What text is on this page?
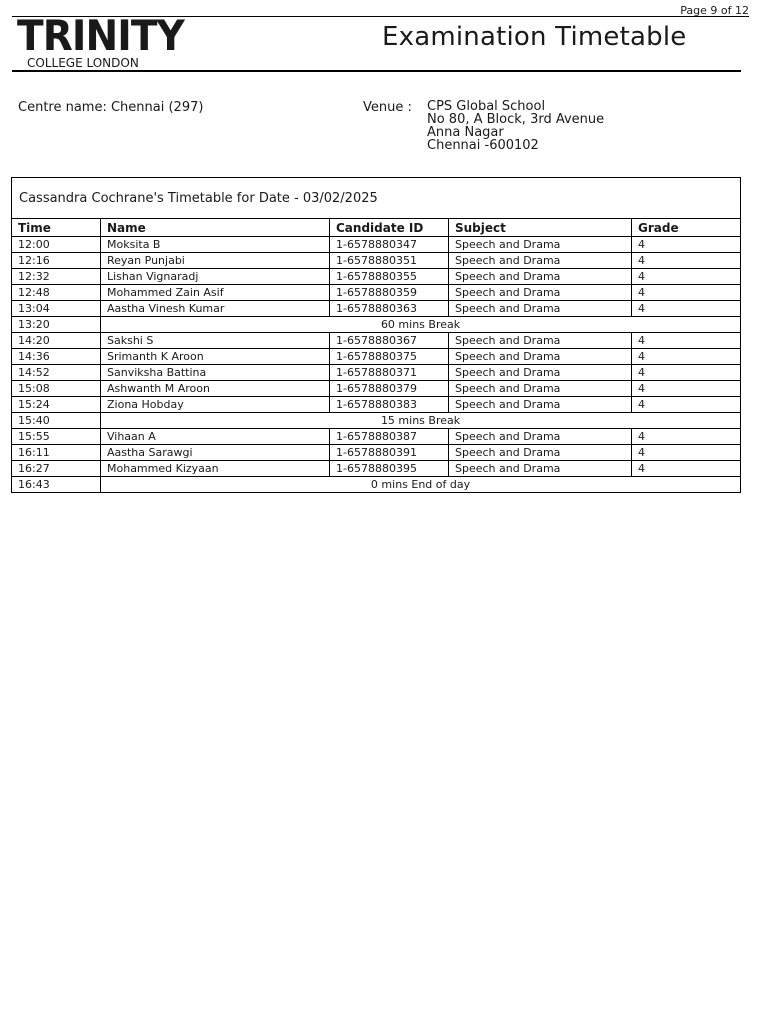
Page 9 of 12
TRINITY
COLLEGE LONDON
Examination Timetable
Centre name: Chennai (297)	Venue : CPS Global School
No 80, A Block, 3rd Avenue
Anna Nagar
Chennai -600102
Cassandra Cochrane's Timetable for Date - 03/02/2025				
Time	Name	Candidate ID	Subject	Grade
12:00	Moksita B	1-6578880347	Speech and Drama	4
12:16	Reyan Punjabi	1-6578880351	Speech and Drama	4
12:32	Lishan Vignaradj	1-6578880355	Speech and Drama	4
12:48	Mohammed Zain Asif	1-6578880359	Speech and Drama	4
13:04	Aastha Vinesh Kumar	1-6578880363	Speech and Drama	4
13:20	60 mins Break			
14:20	Sakshi S	1-6578880367	Speech and Drama	4
14:36	Srimanth K Aroon	1-6578880375	Speech and Drama	4
14:52	Sanviksha Battina	1-6578880371	Speech and Drama	4
15:08	Ashwanth M Aroon	1-6578880379	Speech and Drama	4
15:24	Ziona Hobday	1-6578880383	Speech and Drama	4
15:40	15 mins Break			
15:55	Vihaan A	1-6578880387	Speech and Drama	4
16:11	Aastha Sarawgi	1-6578880391	Speech and Drama	4
16:27	Mohammed Kizyaan	1-6578880395	Speech and Drama	4
16:43	0 mins End of day			
